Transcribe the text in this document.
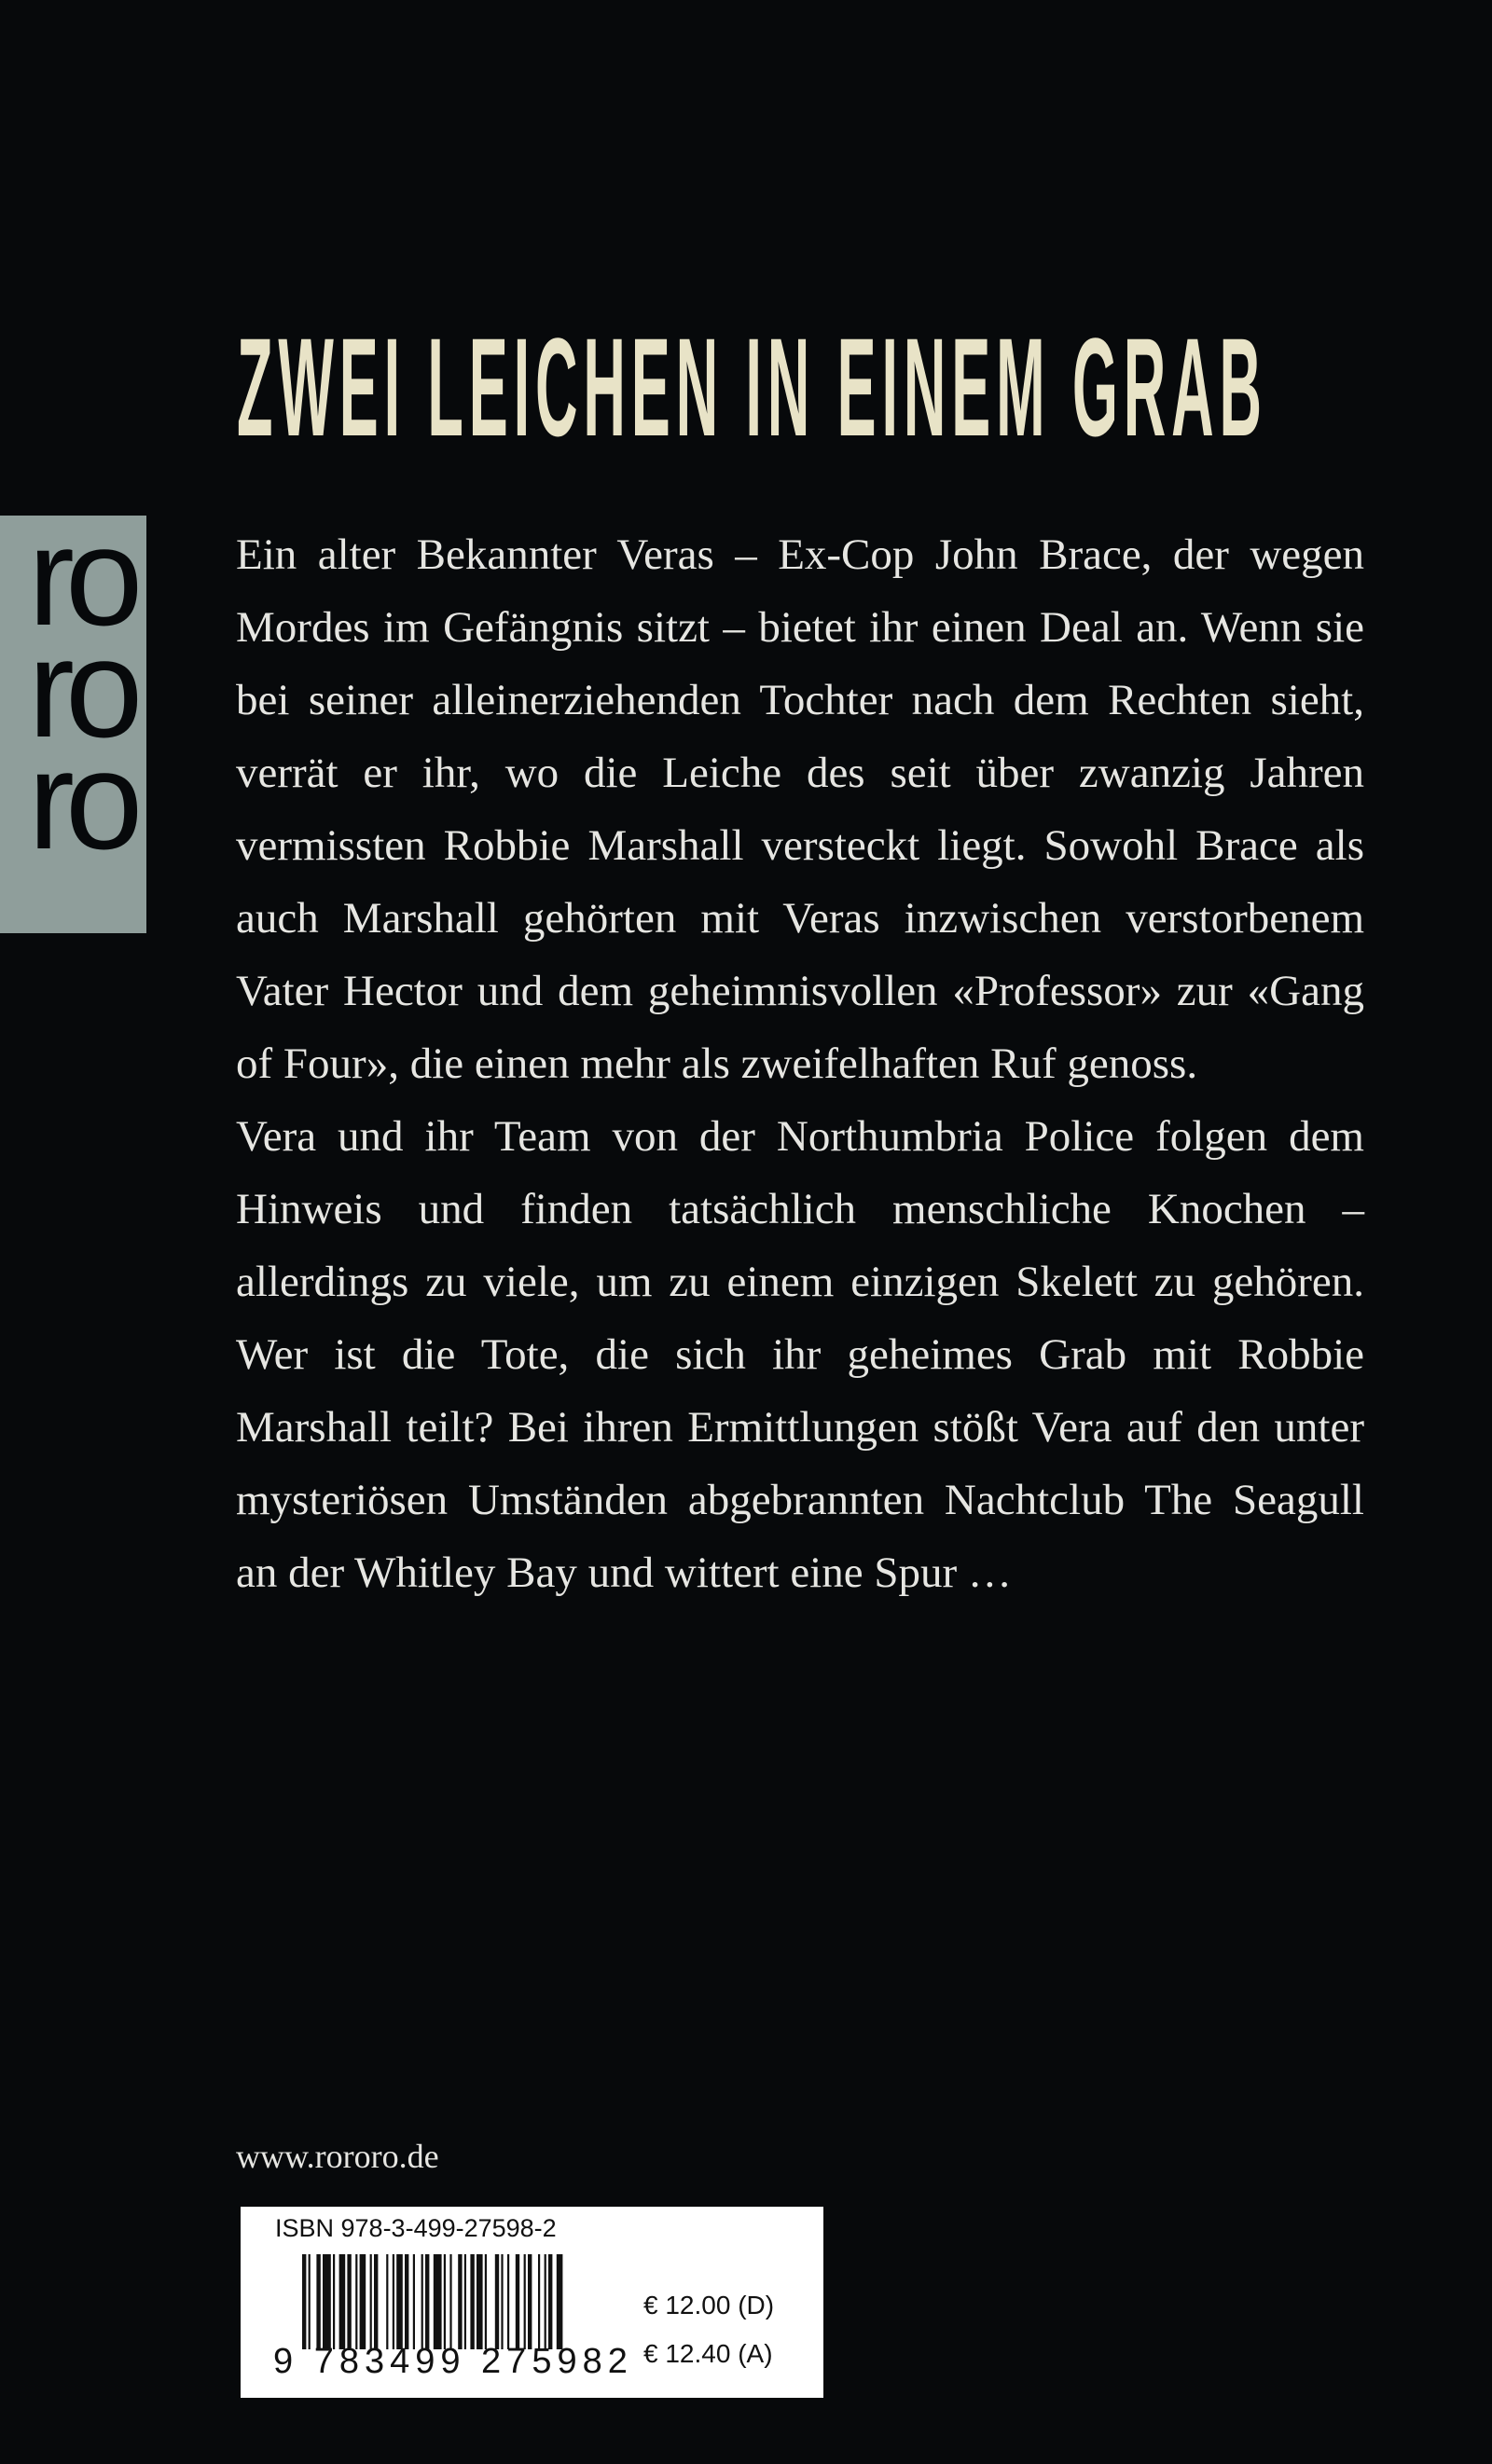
ZWEI LEICHEN IN EINEM GRAB
ro
ro
ro

Ein alter Bekannter Veras – Ex-Cop John Brace, der wegen Mordes im Gefängnis sitzt – bietet ihr einen Deal an. Wenn sie bei seiner alleinerziehenden Tochter nach dem Rechten sieht, verrät er ihr, wo die Leiche des seit über zwanzig Jahren vermissten Robbie Marshall versteckt liegt. Sowohl Brace als auch Marshall gehörten mit Veras inzwischen verstorbenem Vater Hector und dem geheimnisvollen «Professor» zur «Gang of Four», die einen mehr als zweifelhaften Ruf genoss.

Vera und ihr Team von der Northumbria Police folgen dem Hinweis und finden tatsächlich menschliche Knochen – allerdings zu viele, um zu einem einzigen Skelett zu gehören. Wer ist die Tote, die sich ihr geheimes Grab mit Robbie Marshall teilt? Bei ihren Ermittlungen stößt Vera auf den unter mysteriösen Umständen abgebrannten Nachtclub The Seagull an der Whitley Bay und wittert eine Spur …

www.rororo.de
ISBN 978-3-499-27598-2
9 783499 275982
€ 12.00 (D)
€ 12.40 (A)
